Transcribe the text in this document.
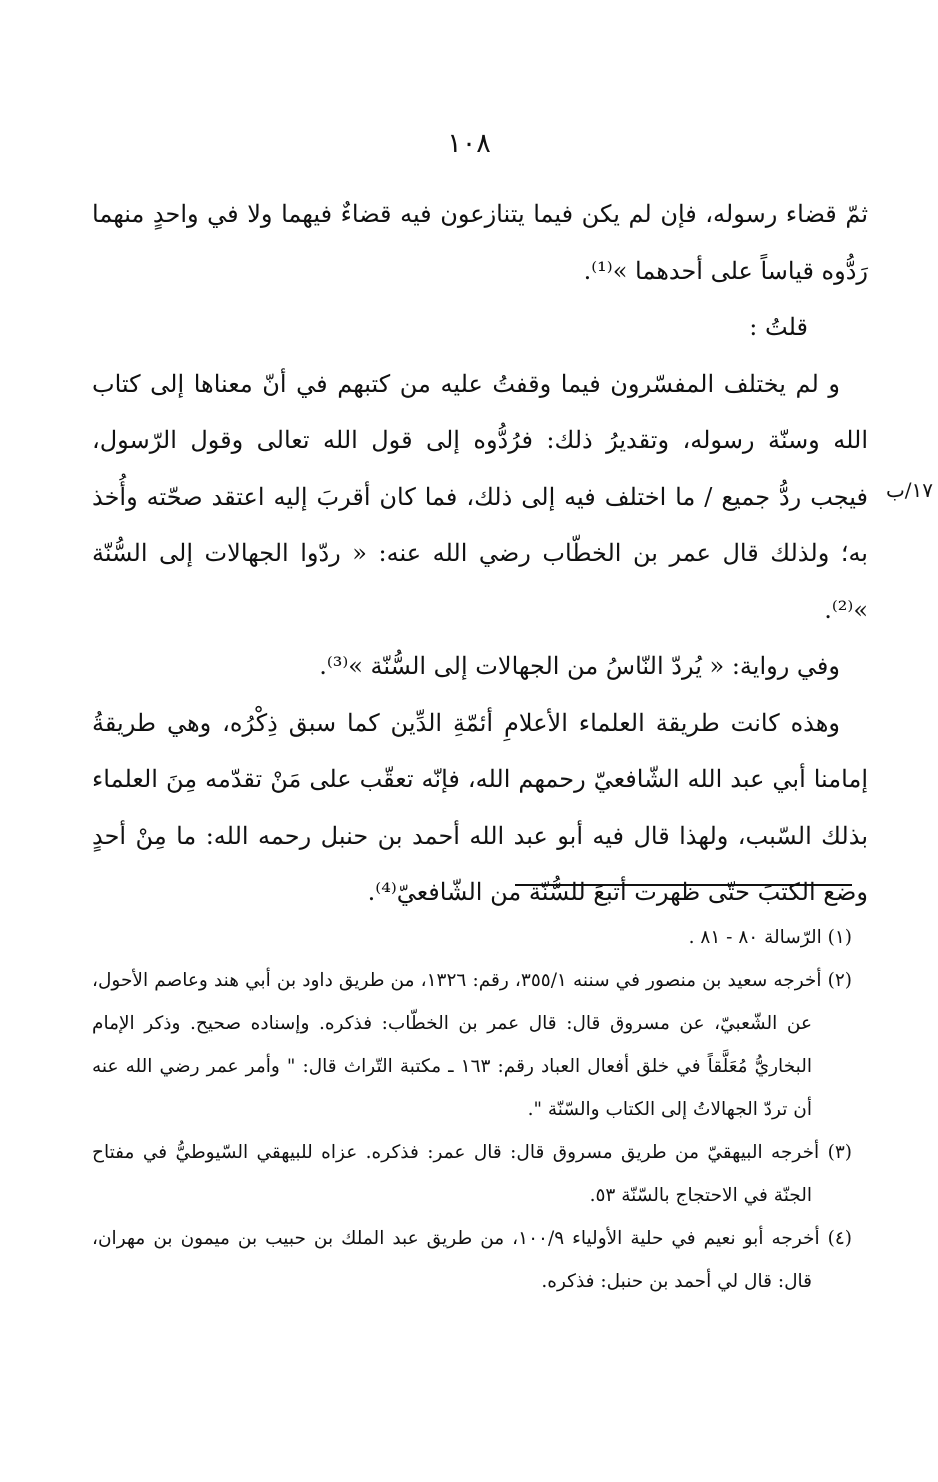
١٠٨
١٧/ب

ثمّ قضاء رسوله، فإن لم يكن فيما يتنازعون فيه قضاءٌ فيهما ولا في واحدٍ منهما رَدُّوه قياساً على أحدهما »⁽¹⁾.

قلتُ :

و لم يختلف المفسّرون فيما وقفتُ عليه من كتبهم في أنّ معناها إلى كتاب الله وسنّة رسوله، وتقديرُ ذلك: فرُدُّوه إلى قول الله تعالى وقول الرّسول، فيجب ردُّ جميع / ما اختلف فيه إلى ذلك، فما كان أقربَ إليه اعتقد صحّته وأُخذ به؛ ولذلك قال عمر بن الخطّاب رضي الله عنه: « ردّوا الجهالات إلى السُّنّة »⁽²⁾.

وفي رواية: « يُردّ النّاسُ من الجهالات إلى السُّنّة »⁽³⁾.

وهذه كانت طريقة العلماء الأعلامِ أئمّةِ الدِّين كما سبق ذِكْرُه، وهي طريقةُ إمامنا أبي عبد الله الشّافعيّ رحمهم الله، فإنّه تعقّب على مَنْ تقدّمه مِنَ العلماء بذلك السّبب، ولهذا قال فيه أبو عبد الله أحمد بن حنبل رحمه الله: ما مِنْ أحدٍ وضع الكتبَ حتّى ظهرت أتبعَ للسُّنّة من الشّافعيّ⁽⁴⁾.

(١) الرّسالة ٨٠ - ٨١ .

(٢) أخرجه سعيد بن منصور في سننه ٣٥٥/١، رقم: ١٣٢٦، من طريق داود بن أبي هند وعاصم الأحول، عن الشّعبيّ، عن مسروق قال: قال عمر بن الخطّاب: فذكره. وإسناده صحيح. وذكر الإمام البخاريُّ مُعَلَّقاً في خلق أفعال العباد رقم: ١٦٣ ـ مكتبة التّراث قال: " وأمر عمر رضي الله عنه أن تردّ الجهالاتُ إلى الكتاب والسّنّة ".

(٣) أخرجه البيهقيّ من طريق مسروق قال: قال عمر: فذكره. عزاه للبيهقي السّيوطيُّ في مفتاح الجنّة في الاحتجاج بالسّنّة ٥٣.

(٤) أخرجه أبو نعيم في حلية الأولياء ١٠٠/٩، من طريق عبد الملك بن حبيب بن ميمون بن مهران، قال: قال لي أحمد بن حنبل: فذكره.
